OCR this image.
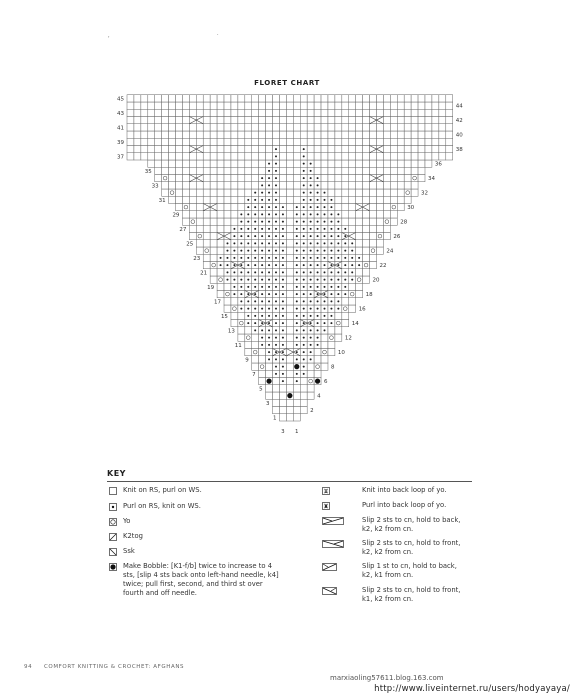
,	·
FLORET CHART
45
43
41
39
37
35
33
31
29
27
25
23
21
19
17
15
13
11
9
7
5
3
1
44
42
40
38
36
34
32
30
28
26
24
22
20
18
16
14
12
10
8
6
4
2
3 1
KEY
Knit on RS, purl on WS.
Purl on RS, knit on WS.
Yo
K2tog
Ssk
Make Bobble: [K1-f/b] twice to increase to 4
sts, [slip 4 sts back onto left-hand needle, k4]
twice; pull first, second, and third st over
fourth and off needle.
Knit into back loop of yo.
Purl into back loop of yo.
Slip 2 sts to cn, hold to back,
k2, k2 from cn.
Slip 2 sts to cn, hold to front,
k2, k2 from cn.
Slip 1 st to cn, hold to back,
k2, k1 from cn.
Slip 2 sts to cn, hold to front,
k1, k2 from cn.
94 COMFORT KNITTING & CROCHET: AFGHANS
marxiaoling57611.blog.163.com
http://www.liveinternet.ru/users/hodyayaya/
